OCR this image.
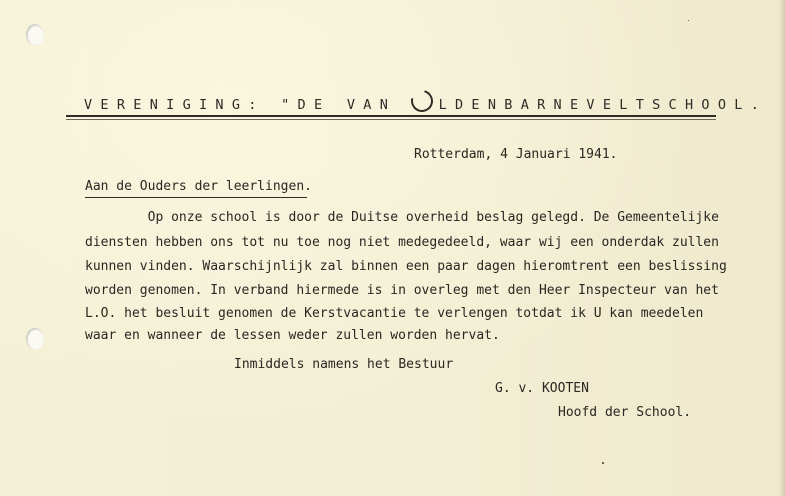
VERENIGING: "DE VAN LDENBARNEVELTSCHOOL.
Rotterdam, 4 Januari 1941.
Aan de Ouders der leerlingen.
Op onze school is door de Duitse overheid beslag gelegd. De Gemeentelijke
diensten hebben ons tot nu toe nog niet medegedeeld, waar wij een onderdak zullen
kunnen vinden. Waarschijnlijk zal binnen een paar dagen hieromtrent een beslissing
worden genomen. In verband hiermede is in overleg met den Heer Inspecteur van het
L.O. het besluit genomen de Kerstvacantie te verlengen totdat ik U kan meedelen
waar en wanneer de lessen weder zullen worden hervat.
Inmiddels namens het Bestuur
G. v. KOOTEN
Hoofd der School.
